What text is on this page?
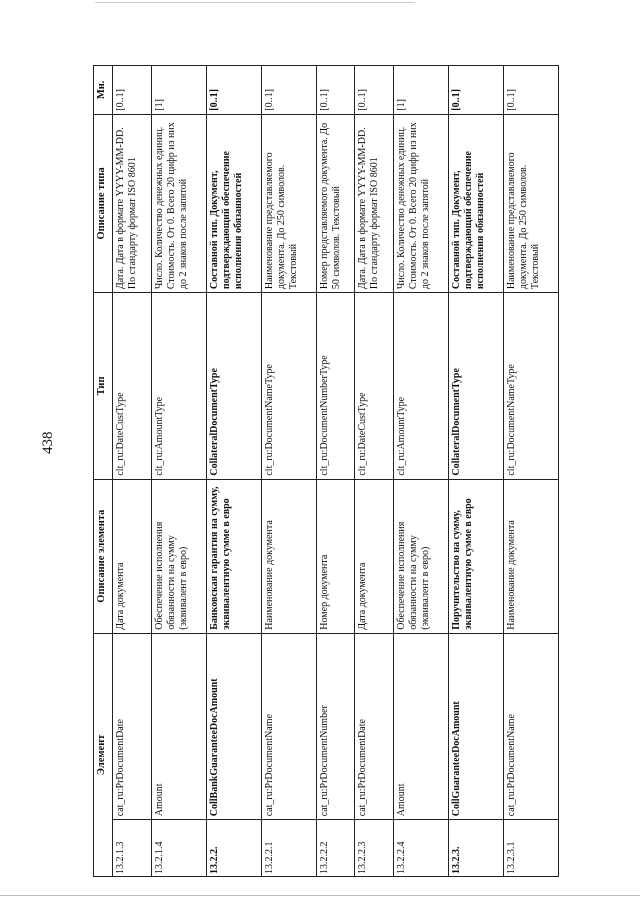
438
Элемент		Описание элемента	Тип	Описание типа	Мн.
13.2.1.3	cat_ru:PrDocumentDate	Дата документа	clt_ru:DateCustType	Дата. Дата в формате YYYY-MM-DD. По стандарту формат ISO 8601	[0..1]
13.2.1.4	Amount	Обеспечение исполнения обязанности на сумму (эквивалент в евро)	clt_ru:AmountType	Число. Количество денежных единиц. Стоимость. От 0. Всего 20 цифр из них до 2 знаков после запятой	[1]
13.2.2.	CollBankGuaranteeDocAmount	Банковская гарантия на сумму, эквивалентную сумме в евро	CollateralDocumentType	Составной тип. Документ, подтверждающий обеспечение исполнения обязанностей	[0..1]
13.2.2.1	cat_ru:PrDocumentName	Наименование документа	clt_ru:DocumentNameType	Наименование представляемого документа. До 250 символов. Текстовый	[0..1]
13.2.2.2	cat_ru:PrDocumentNumber	Номер документа	clt_ru:DocumentNumberType	Номер представляемого документа. До 50 символов. Текстовый	[0..1]
13.2.2.3	cat_ru:PrDocumentDate	Дата документа	clt_ru:DateCustType	Дата. Дата в формате YYYY-MM-DD. По стандарту формат ISO 8601	[0..1]
13.2.2.4	Amount	Обеспечение исполнения обязанности на сумму (эквивалент в евро)	clt_ru:AmountType	Число. Количество денежных единиц. Стоимость. От 0. Всего 20 цифр из них до 2 знаков после запятой	[1]
13.2.3.	CollGuaranteeDocAmount	Поручительство на сумму, эквивалентную сумме в евро	CollateralDocumentType	Составной тип. Документ, подтверждающий обеспечение исполнения обязанностей	[0..1]
13.2.3.1	cat_ru:PrDocumentName	Наименование документа	clt_ru:DocumentNameType	Наименование представляемого документа. До 250 символов. Текстовый	[0..1]
